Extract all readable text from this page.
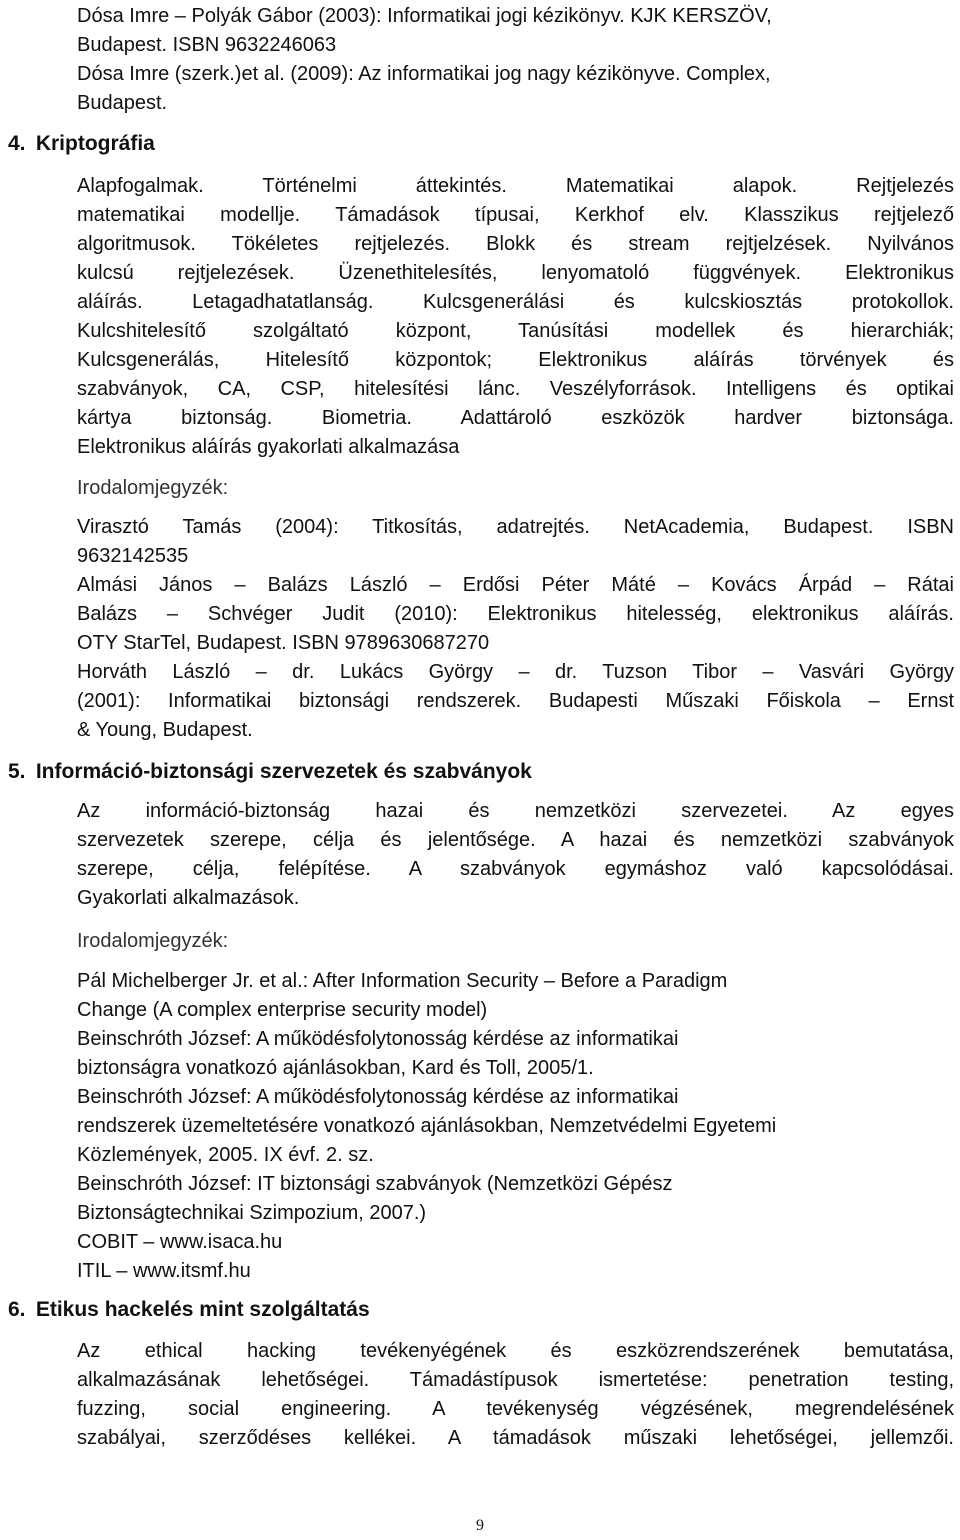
Dósa Imre – Polyák Gábor (2003): Informatikai jogi kézikönyv. KJK KERSZÖV,
Budapest. ISBN 9632246063
Dósa Imre (szerk.)et al. (2009): Az informatikai jog nagy kézikönyve. Complex,
Budapest.
4. Kriptográfia
Alapfogalmak. Történelmi áttekintés. Matematikai alapok. Rejtjelezés
matematikai modellje. Támadások típusai, Kerkhof elv. Klasszikus rejtjelező
algoritmusok. Tökéletes rejtjelezés. Blokk és stream rejtjelzések. Nyilvános
kulcsú rejtjelezések. Üzenethitelesítés, lenyomatoló függvények. Elektronikus
aláírás. Letagadhatatlanság. Kulcsgenerálási és kulcskiosztás protokollok.
Kulcshitelesítő szolgáltató központ, Tanúsítási modellek és hierarchiák;
Kulcsgenerálás, Hitelesítő központok; Elektronikus aláírás törvények és
szabványok, CA, CSP, hitelesítési lánc. Veszélyforrások. Intelligens és optikai
kártya biztonság. Biometria. Adattároló eszközök hardver biztonsága.
Elektronikus aláírás gyakorlati alkalmazása
Irodalomjegyzék:
Virasztó Tamás (2004): Titkosítás, adatrejtés. NetAcademia, Budapest. ISBN
9632142535
Almási János – Balázs László – Erdősi Péter Máté – Kovács Árpád – Rátai
Balázs – Schvéger Judit (2010): Elektronikus hitelesség, elektronikus aláírás.
OTY StarTel, Budapest. ISBN 9789630687270
Horváth László – dr. Lukács György – dr. Tuzson Tibor – Vasvári György
(2001): Informatikai biztonsági rendszerek. Budapesti Műszaki Főiskola – Ernst
& Young, Budapest.
5. Információ-biztonsági szervezetek és szabványok
Az információ-biztonság hazai és nemzetközi szervezetei. Az egyes
szervezetek szerepe, célja és jelentősége. A hazai és nemzetközi szabványok
szerepe, célja, felépítése. A szabványok egymáshoz való kapcsolódásai.
Gyakorlati alkalmazások.
Irodalomjegyzék:
Pál Michelberger Jr. et al.: After Information Security – Before a Paradigm
Change (A complex enterprise security model)
Beinschróth József: A működésfolytonosság kérdése az informatikai
biztonságra vonatkozó ajánlásokban, Kard és Toll, 2005/1.
Beinschróth József: A működésfolytonosság kérdése az informatikai
rendszerek üzemeltetésére vonatkozó ajánlásokban, Nemzetvédelmi Egyetemi
Közlemények, 2005. IX évf. 2. sz.
Beinschróth József: IT biztonsági szabványok (Nemzetközi Gépész
Biztonságtechnikai Szimpozium, 2007.)
COBIT – www.isaca.hu
ITIL – www.itsmf.hu
6. Etikus hackelés mint szolgáltatás
Az ethical hacking tevékenyégének és eszközrendszerének bemutatása,
alkalmazásának lehetőségei. Támadástípusok ismertetése: penetration testing,
fuzzing, social engineering. A tevékenység végzésének, megrendelésének
szabályai, szerződéses kellékei. A támadások műszaki lehetőségei, jellemzői.
9
